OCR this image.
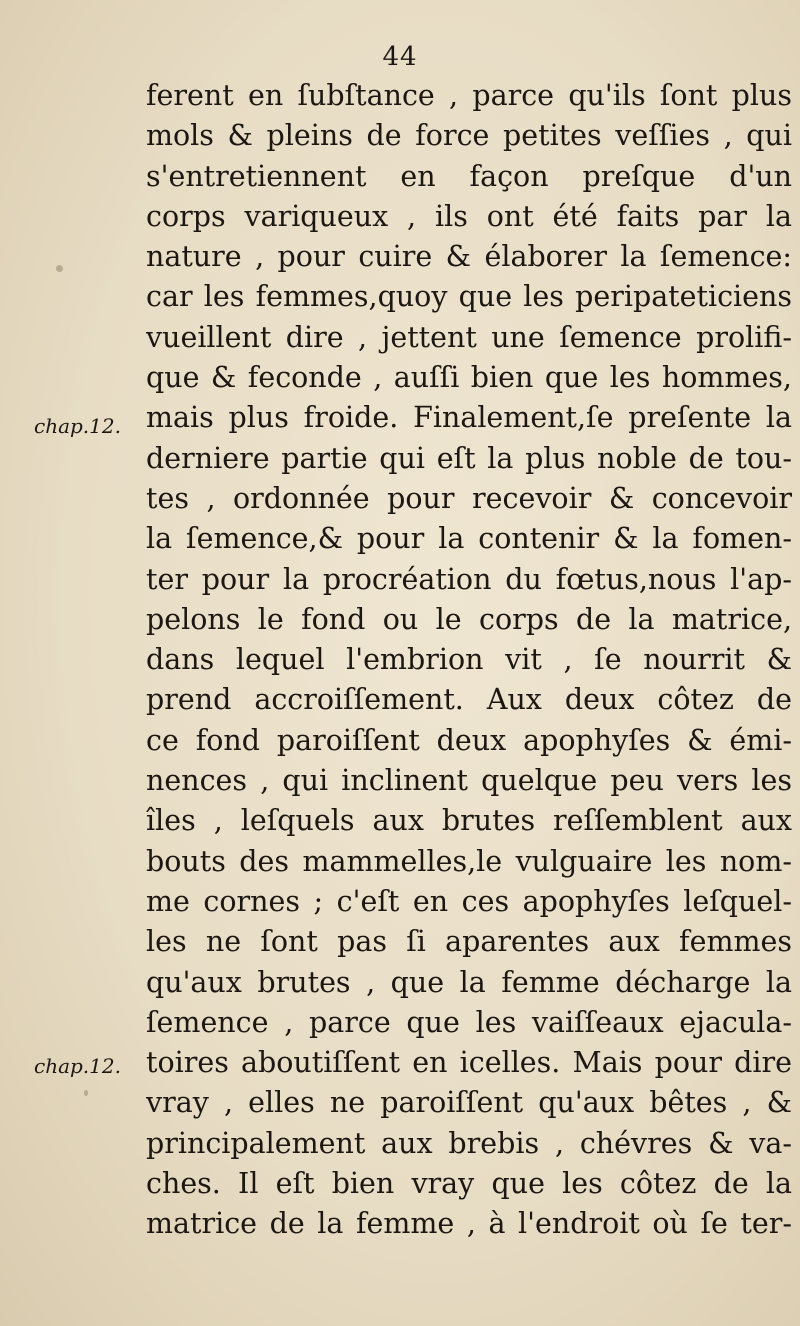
44
chap.12.
chap.12.
ferent en ſubſtance , parce qu'ils ſont plus
mols & pleins de force petites veſſies , qui
s'entretiennent en façon preſque d'un
corps variqueux , ils ont été faits par la
nature , pour cuire & élaborer la ſemence:
car les femmes,quoy que les peripateticiens
vueillent dire , jettent une ſemence prolifi-
que & feconde , auſſi bien que les hommes,
mais plus froide. Finalement,ſe preſente la
derniere partie qui eſt la plus noble de tou-
tes , ordonnée pour recevoir & concevoir
la ſemence,& pour la contenir & la fomen-
ter pour la procréation du fœtus,nous l'ap-
pelons le fond ou le corps de la matrice,
dans lequel l'embrion vit , ſe nourrit &
prend accroiſſement. Aux deux côtez de
ce fond paroiſſent deux apophyſes & émi-
nences , qui inclinent quelque peu vers les
îles , leſquels aux brutes reſſemblent aux
bouts des mammelles,le vulguaire les nom-
me cornes ; c'eſt en ces apophyſes leſquel-
les ne ſont pas ſi aparentes aux femmes
qu'aux brutes , que la femme décharge la
ſemence , parce que les vaiſſeaux ejacula-
toires aboutiſſent en icelles. Mais pour dire
vray , elles ne paroiſſent qu'aux bêtes , &
principalement aux brebis , chévres & va-
ches. Il eſt bien vray que les côtez de la
matrice de la femme , à l'endroit où ſe ter-
